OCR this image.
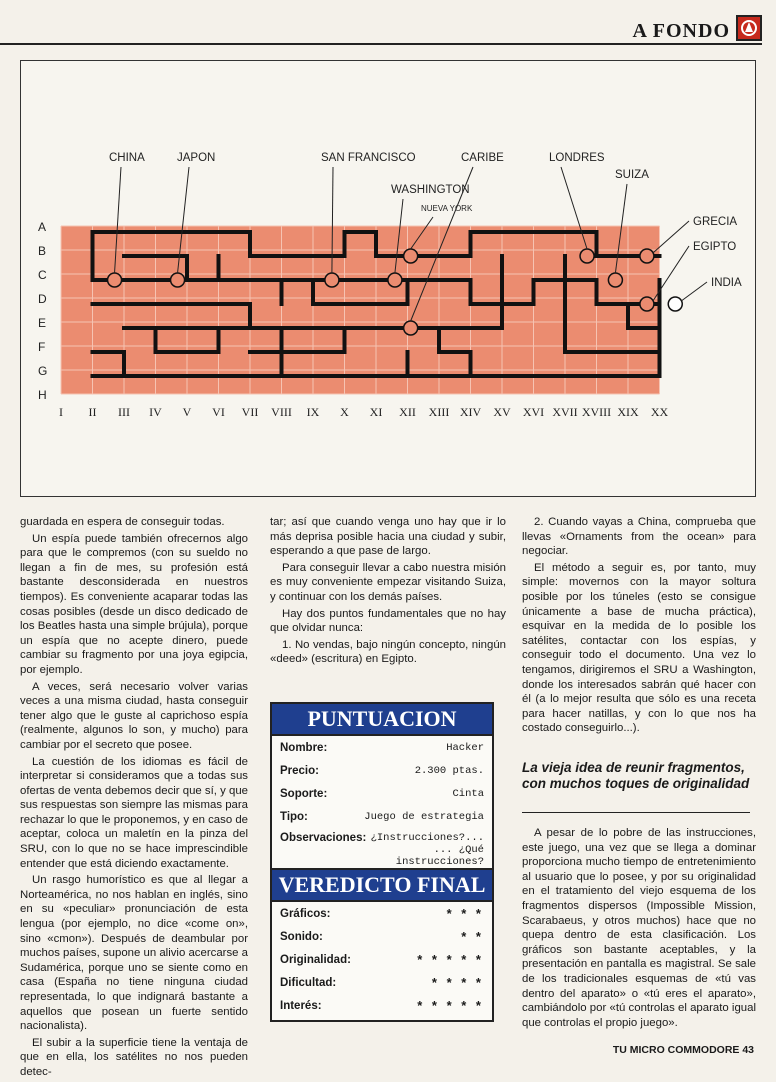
A FONDO
CHINA	JAPON	SAN FRANCISCO
WASHINGTON
NUEVA YORK
CARIBE	LONDRES
SUIZA
GRECIA
EGIPTO
INDIA
A
B
C
D
E
F
G
H
I II III IV V VI VII VIII IX X XI XII XIII XIV XV XVI XVII XVIII XIX XX

guardada en espera de conseguir todas.

Un espía puede también ofrecernos algo para que le compremos (con su sueldo no llegan a fin de mes, su profesión está bastante desconsiderada en nuestros tiempos). Es conveniente acaparar todas las cosas posibles (desde un disco dedicado de los Beatles hasta una simple brújula), porque un espía que no acepte dinero, puede cambiar su fragmento por una joya egipcia, por ejemplo.

A veces, será necesario volver varias veces a una misma ciudad, hasta conseguir tener algo que le guste al caprichoso espía (realmente, algunos lo son, y mucho) para cambiar por el secreto que posee.

La cuestión de los idiomas es fácil de interpretar si consideramos que a todas sus ofertas de venta debemos decir que sí, y que sus respuestas son siempre las mismas para rechazar lo que le proponemos, y en caso de aceptar, coloca un maletín en la pinza del SRU, con lo que no se hace imprescindible entender que está diciendo exactamente.

Un rasgo humorístico es que al llegar a Norteamérica, no nos hablan en inglés, sino en su «peculiar» pronunciación de esta lengua (por ejemplo, no dice «come on», sino «cmon»). Después de deambular por muchos países, supone un alivio acercarse a Sudamérica, porque uno se siente como en casa (España no tiene ninguna ciudad representada, lo que indignará bastante a aquellos que posean un fuerte sentido nacionalista).

El subir a la superficie tiene la ventaja de que en ella, los satélites no nos pueden detec-

tar; así que cuando venga uno hay que ir lo más deprisa posible hacia una ciudad y subir, esperando a que pase de largo.

Para conseguir llevar a cabo nuestra misión es muy conveniente empezar visitando Suiza, y continuar con los demás países.

Hay dos puntos fundamentales que no hay que olvidar nunca:

1. No vendas, bajo ningún concepto, ningún «deed» (escritura) en Egipto.

2. Cuando vayas a China, comprueba que llevas «Ornaments from the ocean» para negociar.

El método a seguir es, por tanto, muy simple: movernos con la mayor soltura posible por los túneles (esto se consigue únicamente a base de mucha práctica), esquivar en la medida de lo posible los satélites, contactar con los espías, y conseguir todo el documento. Una vez lo tengamos, dirigiremos el SRU a Washington, donde los interesados sabrán qué hacer con él (a lo mejor resulta que sólo es una receta para hacer natillas, y con lo que nos ha costado conseguirlo...).

La vieja idea de reunir fragmentos, con muchos toques de originalidad

A pesar de lo pobre de las instrucciones, este juego, una vez que se llega a dominar proporciona mucho tiempo de entretenimiento al usuario que lo posee, y por su originalidad en el tratamiento del viejo esquema de los fragmentos dispersos (Impossible Mission, Scarabaeus, y otros muchos) hace que no quepa dentro de esta clasificación. Los gráficos son bastante aceptables, y la presentación en pantalla es magistral. Se sale de los tradicionales esquemas de «tú vas dentro del aparato» o «tú eres el aparato», cambiándolo por «tú controlas el aparato igual que controlas el propio juego».

PUNTUACION
Nombre:	Hacker
Precio:	2.300 ptas.
Soporte:	Cinta
Tipo:	Juego de estrategia
Observaciones: ¿Instrucciones?...
... ¿Qué instrucciones?
VEREDICTO FINAL
Gráficos:	* * *
Sonido:	* *
Originalidad:	* * * * *
Dificultad:	* * * *
Interés:	* * * * *
TU MICRO COMMODORE 43
